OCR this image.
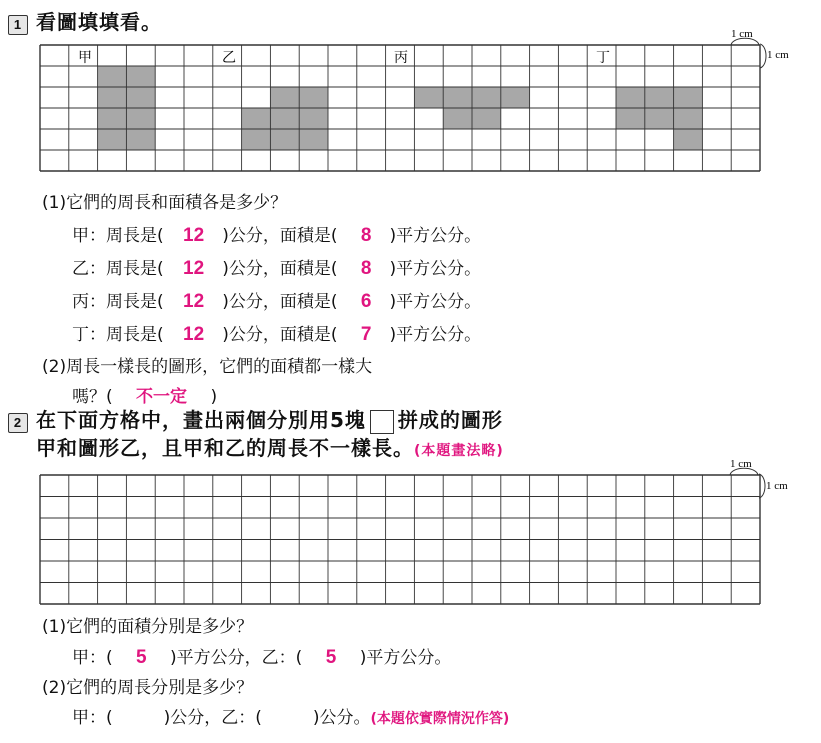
1 看圖填填看。	1 cm
1 cm
甲	乙	丙	丁
(1)它們的周長和面積各是多少？
甲：周長是( 12 )公分，面積是( 8 )平方公分。
乙：周長是( 12 )公分，面積是( 8 )平方公分。
丙：周長是( 12 )公分，面積是( 6 )平方公分。
丁：周長是( 12 )公分，面積是( 7 )平方公分。
(2)周長一樣長的圖形，它們的面積都一樣大
嗎？( 不一定 )
2 在下面方格中，畫出兩個分別用5塊 拼成的圖形
甲和圖形乙，且甲和乙的周長不一樣長。(本題畫法略)
1 cm
1 cm
(1)它們的面積分別是多少？
甲：( 5 )平方公分，乙：( 5 )平方公分。
(2)它們的周長分別是多少？
甲：(　　　)公分，乙：(　　　)公分。(本題依實際情況作答)
